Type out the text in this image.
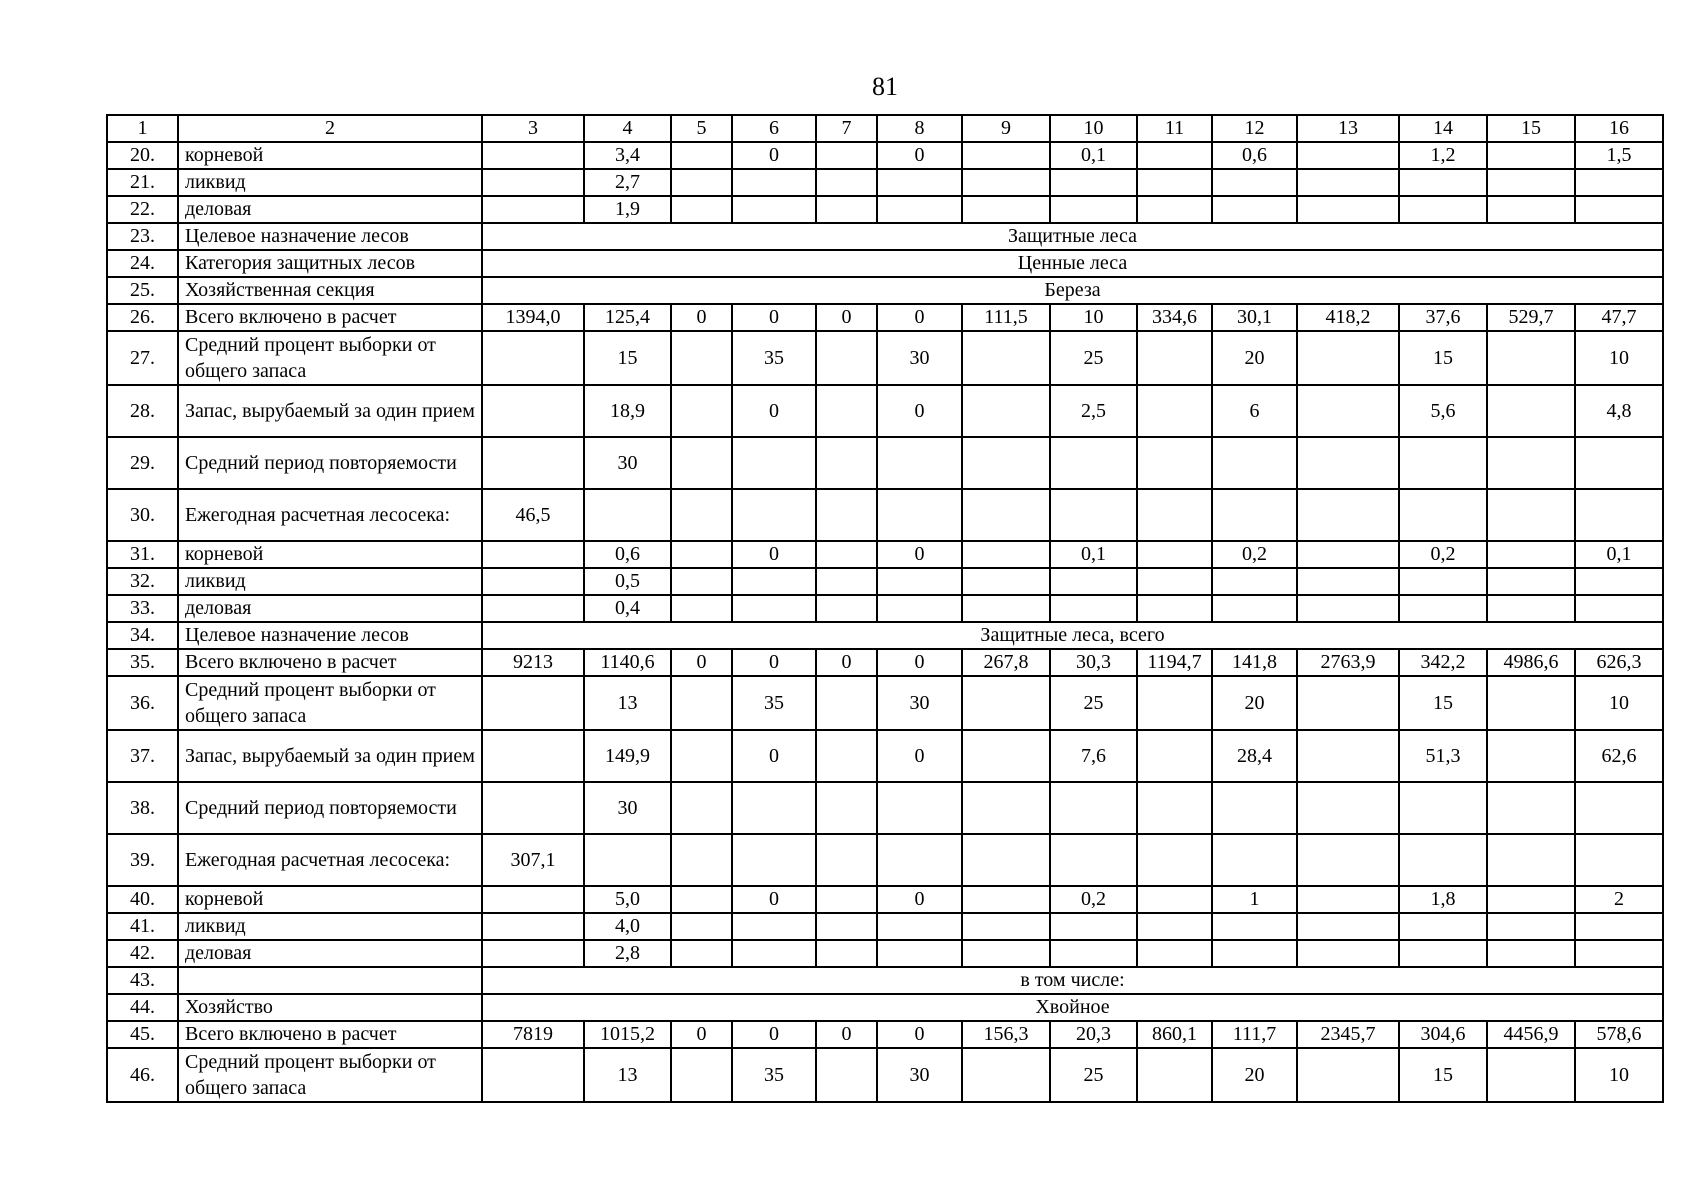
81
1	2	3	4	5	6	7	8	9	10	11	12	13	14	15	16
20.	корневой		3,4		0		0		0,1		0,6		1,2		1,5
21.	ликвид		2,7												
22.	деловая		1,9												
23.	Целевое назначение лесов	Защитные леса													
24.	Категория защитных лесов	Ценные леса													
25.	Хозяйственная секция	Береза													
26.	Всего включено в расчет	1394,0	125,4	0	0	0	0	111,5	10	334,6	30,1	418,2	37,6	529,7	47,7
27.	Средний процент выборки от общего запаса		15		35		30		25		20		15		10
28.	Запас, вырубаемый за один прием		18,9		0		0		2,5		6		5,6		4,8
29.	Средний период повторяемости		30												
30.	Ежегодная расчетная лесосека:	46,5													
31.	корневой		0,6		0		0		0,1		0,2		0,2		0,1
32.	ликвид		0,5												
33.	деловая		0,4												
34.	Целевое назначение лесов	Защитные леса, всего													
35.	Всего включено в расчет	9213	1140,6	0	0	0	0	267,8	30,3	1194,7	141,8	2763,9	342,2	4986,6	626,3
36.	Средний процент выборки от общего запаса		13		35		30		25		20		15		10
37.	Запас, вырубаемый за один прием		149,9		0		0		7,6		28,4		51,3		62,6
38.	Средний период повторяемости		30												
39.	Ежегодная расчетная лесосека:	307,1													
40.	корневой		5,0		0		0		0,2		1		1,8		2
41.	ликвид		4,0												
42.	деловая		2,8												
43.		в том числе:													
44.	Хозяйство	Хвойное													
45.	Всего включено в расчет	7819	1015,2	0	0	0	0	156,3	20,3	860,1	111,7	2345,7	304,6	4456,9	578,6
46.	Средний процент выборки от общего запаса		13		35		30		25		20		15		10
